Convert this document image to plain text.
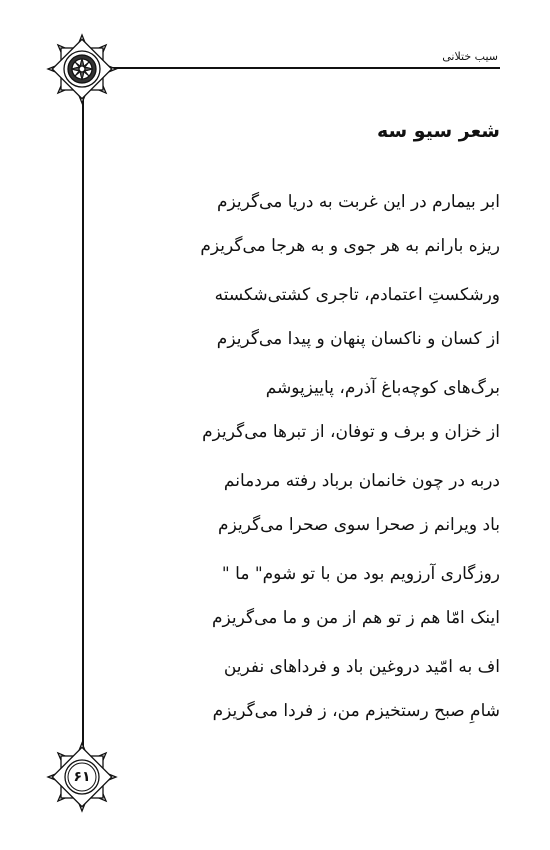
۶۱
سیب ختلانی
شعر سیو سه
ابر بیمارم در این غربت به دریا می‌گریزم
ریزه بارانم به هر جوی و به هرجا می‌گریزم
ورشکستِ اعتمادم، تاجری کشتی‌شکسته
از کسان و ناکسان پنهان و پیدا می‌گریزم
برگ‌های کوچه‌باغ آذرم، پاییزپوشم
از خزان و برف و توفان، از تبرها می‌گریزم
دربه در چون خانمان برباد رفته مردمانم
باد ویرانم ز صحرا سوی صحرا می‌گریزم
روزگاری آرزویم بود من با تو شوم" ما "
اینک امّا هم ز تو هم از من و ما می‌گریزم
اف به امّید دروغین باد و فرداهای نفرین
شامِ صبح رستخیزم من، ز فردا می‌گریزم
